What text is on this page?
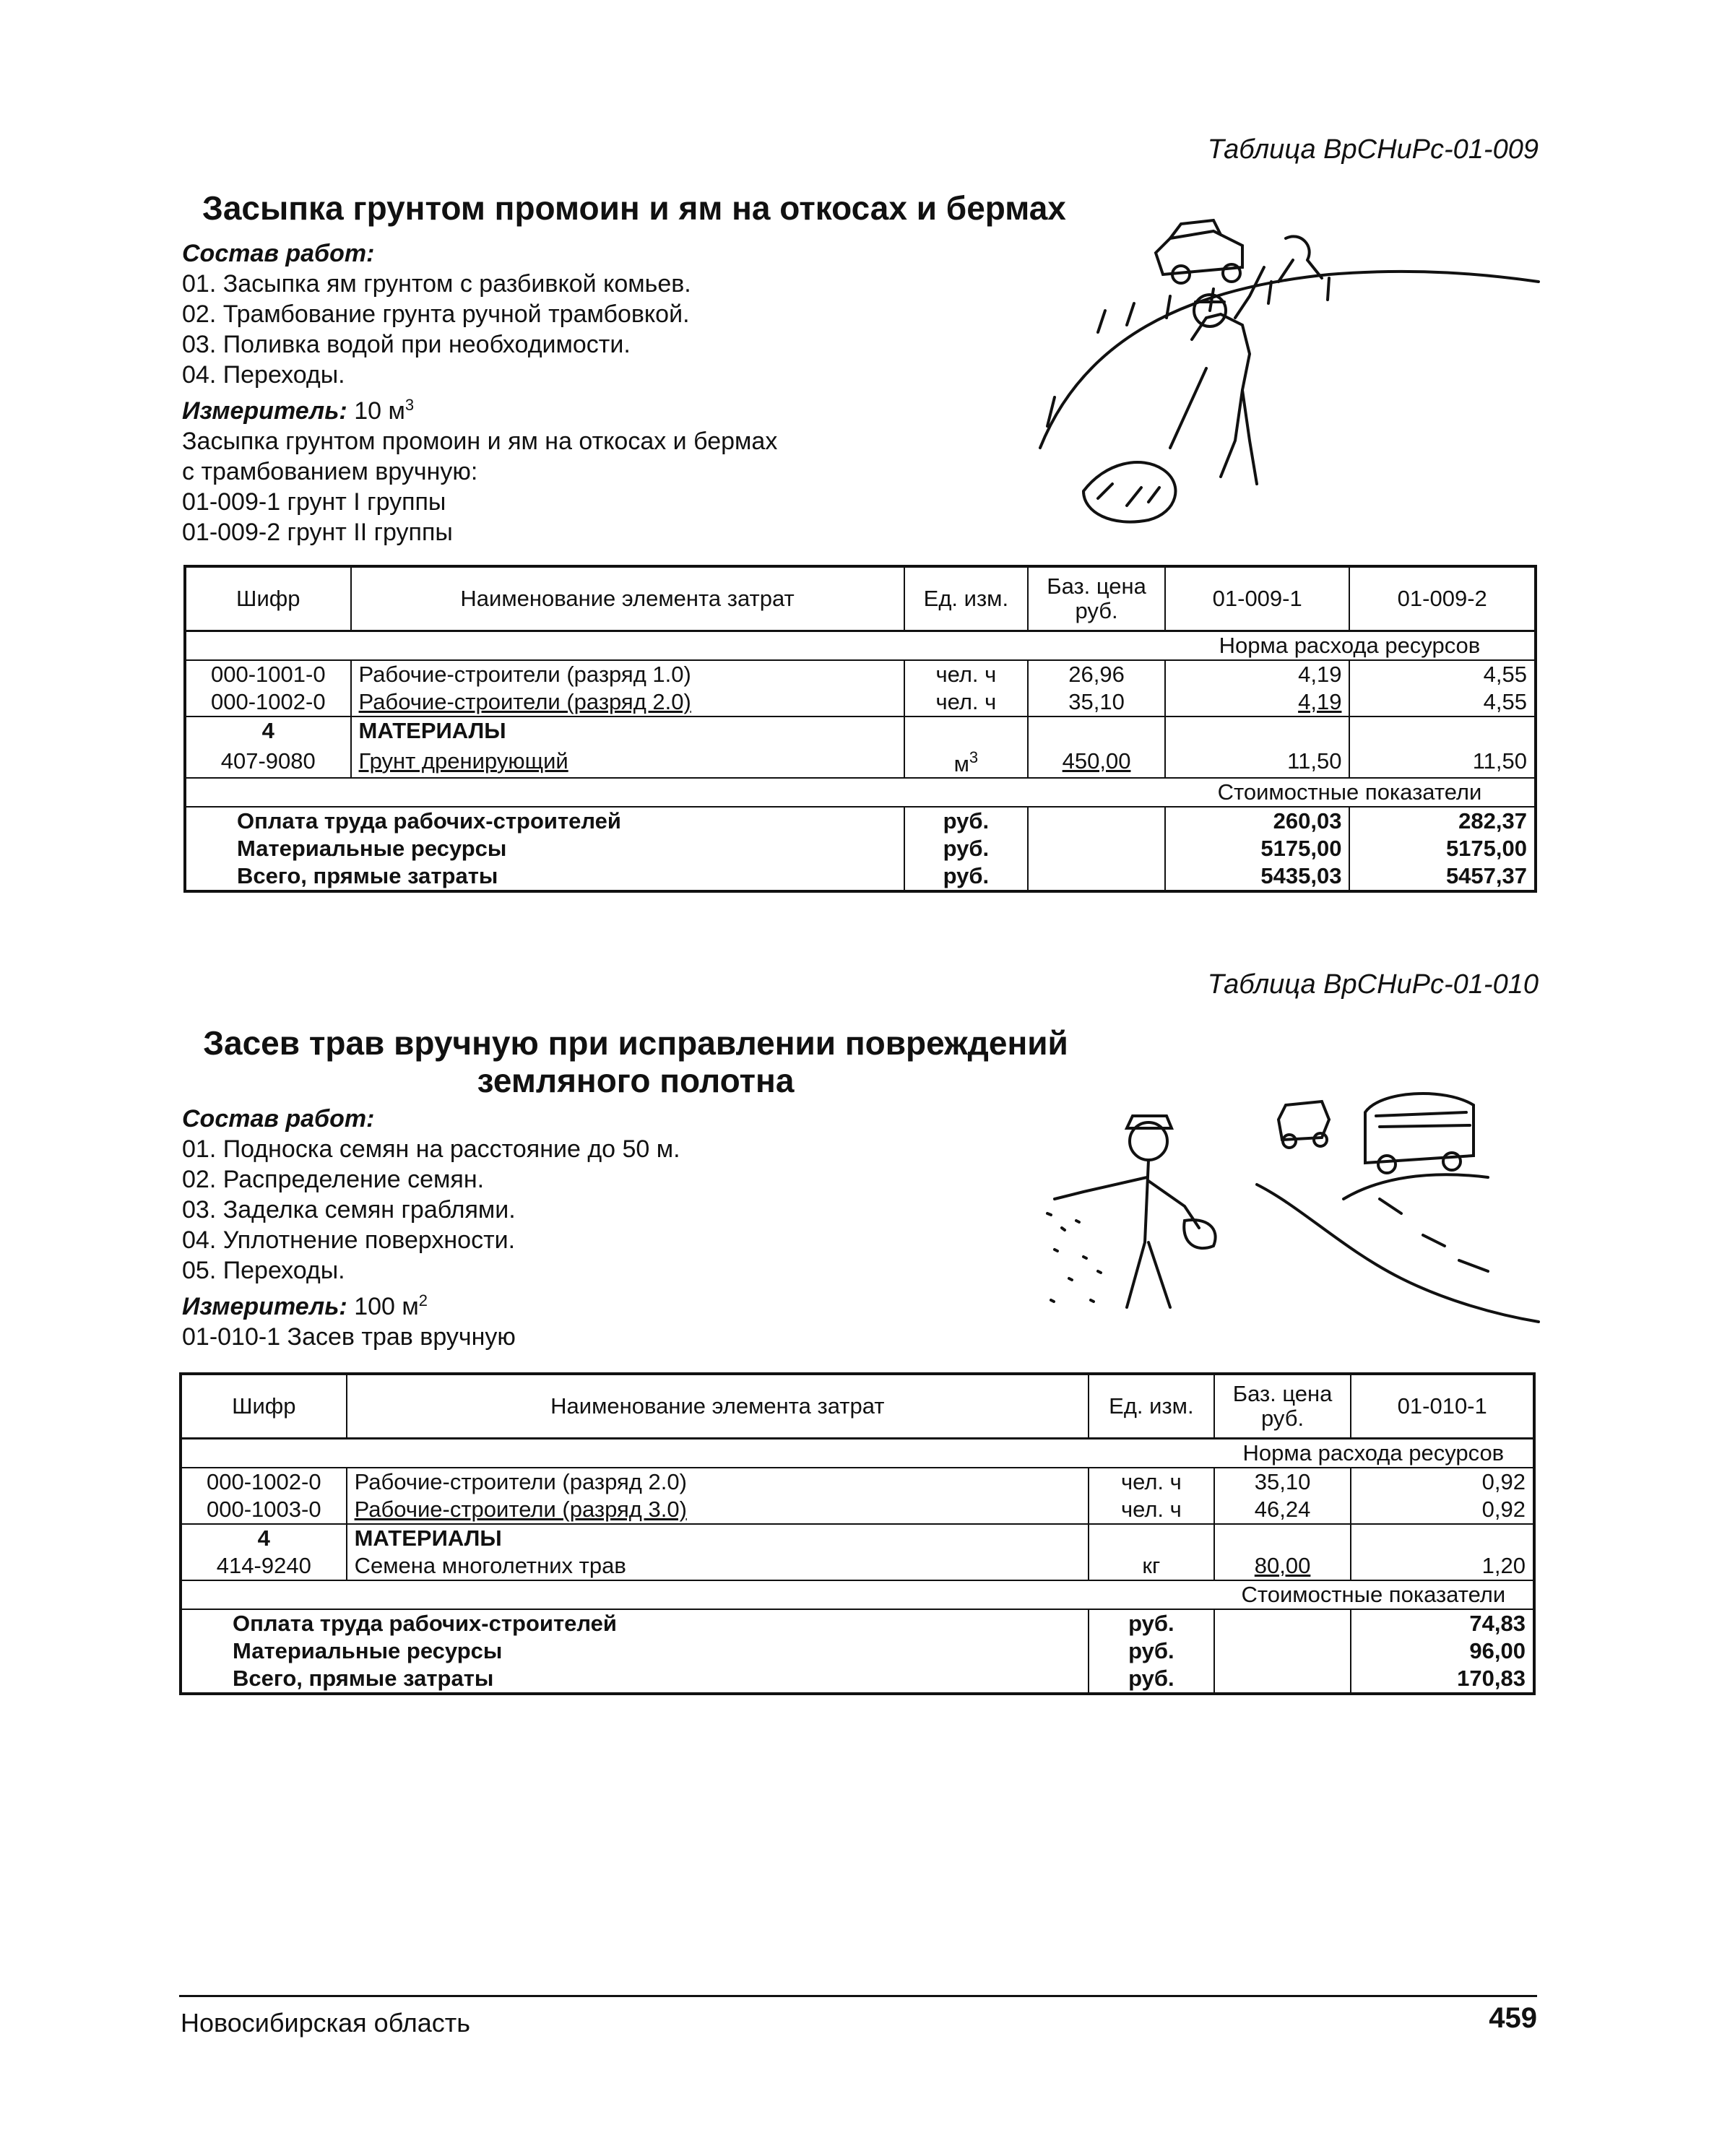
Таблица ВрСНиРс-01-009
Засыпка грунтом промоин и ям на откосах и бермах
Состав работ:
01. Засыпка ям грунтом с разбивкой комьев.
02. Трамбование грунта ручной трамбовкой.
03. Поливка водой при необходимости.
04. Переходы.
Измеритель: 10 $м^3$
Засыпка грунтом промоин и ям на откосах и бермах
с трамбованием вручную:
01-009-1 грунт I группы
01-009-2 грунт II группы
Шифр	Наименование элемента затрат	Ед. изм.	Баз. цена руб.	01-009-1	01-009-2
				Норма расхода ресурсов	
000-1001-0	Рабочие-строители (разряд 1.0)	чел. ч	26,96	4,19	4,55
000-1002-0	Рабочие-строители (разряд 2.0)	чел. ч	35,10	4,19	4,55
4	МАТЕРИАЛЫ				
407-9080	Грунт дренирующий	$м^3$	450,00	11,50	11,50
				Стоимостные показатели	
Оплата труда рабочих-строителей		руб.		260,03	282,37
Материальные ресурсы		руб.		5175,00	5175,00
Всего, прямые затраты		руб.		5435,03	5457,37
Таблица ВрСНиРс-01-010
Засев трав вручную при исправлении повреждений
земляного полотна
Состав работ:
01. Подноска семян на расстояние до 50 м.
02. Распределение семян.
03. Заделка семян граблями.
04. Уплотнение поверхности.
05. Переходы.
Измеритель: 100 $м^2$
01-010-1 Засев трав вручную
Шифр	Наименование элемента затрат	Ед. изм.	Баз. цена руб.	01-010-1
			Норма расхода ресурсов	
000-1002-0	Рабочие-строители (разряд 2.0)	чел. ч	35,10	0,92
000-1003-0	Рабочие-строители (разряд 3.0)	чел. ч	46,24	0,92
4	МАТЕРИАЛЫ			
414-9240	Семена многолетних трав	кг	80,00	1,20
			Стоимостные показатели	
Оплата труда рабочих-строителей		руб.		74,83
Материальные ресурсы		руб.		96,00
Всего, прямые затраты		руб.		170,83
Новосибирская область	459
